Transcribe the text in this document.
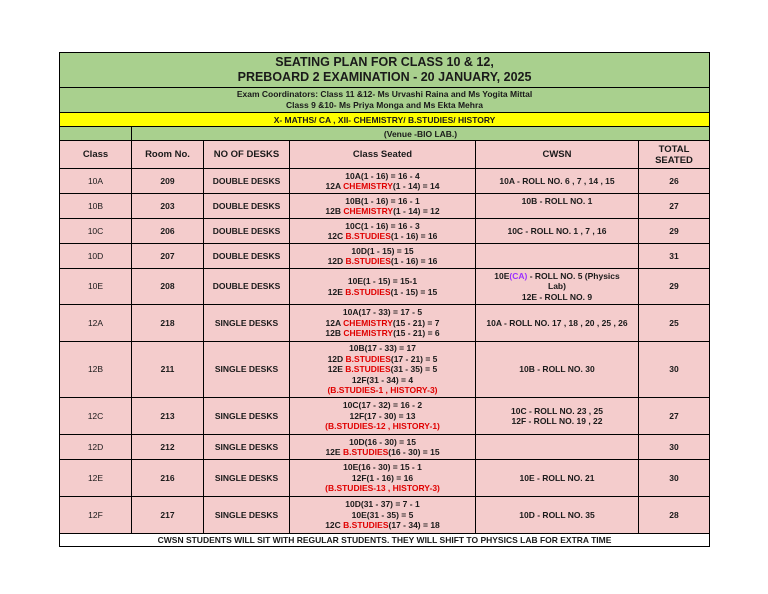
SEATING PLAN FOR CLASS 10 & 12,
PREBOARD 2 EXAMINATION - 20 JANUARY, 2025					

Exam Coordinators: Class 11 &12- Ms Urvashi Raina and Ms Yogita Mittal
Class 9 &10- Ms Priya Monga and Ms Ekta Mehra					

X- MATHS/ CA , XII- CHEMISTRY/ B.STUDIES/ HISTORY					
	(Venue -BIO LAB.)				
Class	Room No.	NO OF DESKS	Class Seated	CWSN	TOTAL
SEATED

10A	209	DOUBLE DESKS	10A(1 - 16) = 16 - 4
12A CHEMISTRY(1 - 14) = 14	10A - ROLL NO. 6 , 7 , 14 , 15	26
10B	203	DOUBLE DESKS	10B(1 - 16) = 16 - 1
12B CHEMISTRY(1 - 14) = 12	10B - ROLL NO. 1	27
10C	206	DOUBLE DESKS	10C(1 - 16) = 16 - 3
12C B.STUDIES(1 - 16) = 16	10C - ROLL NO. 1 , 7 , 16	29
10D	207	DOUBLE DESKS	10D(1 - 15) = 15
12D B.STUDIES(1 - 16) = 16		31
10E	208	DOUBLE DESKS	10E(1 - 15) = 15-1
12E B.STUDIES(1 - 15) = 15	10E(CA) - ROLL NO. 5 (Physics
Lab)
12E - ROLL NO. 9	29
12A	218	SINGLE DESKS	10A(17 - 33) = 17 - 5
12A CHEMISTRY(15 - 21) = 7
12B CHEMISTRY(15 - 21) = 6	10A - ROLL NO. 17 , 18 , 20 , 25 , 26	25
12B	211	SINGLE DESKS	10B(17 - 33) = 17
12D B.STUDIES(17 - 21) = 5
12E B.STUDIES(31 - 35) = 5
12F(31 - 34) = 4
(B.STUDIES-1 , HISTORY-3)	10B - ROLL NO. 30	30
12C	213	SINGLE DESKS	10C(17 - 32) = 16 - 2
12F(17 - 30) = 13
(B.STUDIES-12 , HISTORY-1)	10C - ROLL NO. 23 , 25
12F - ROLL NO. 19 , 22	27
12D	212	SINGLE DESKS	10D(16 - 30) = 15
12E B.STUDIES(16 - 30) = 15		30
12E	216	SINGLE DESKS	10E(16 - 30) = 15 - 1
12F(1 - 16) = 16
(B.STUDIES-13 , HISTORY-3)	10E - ROLL NO. 21	30
12F	217	SINGLE DESKS	10D(31 - 37) = 7 - 1
10E(31 - 35) = 5
12C B.STUDIES(17 - 34) = 18	10D - ROLL NO. 35	28
CWSN STUDENTS WILL SIT WITH REGULAR STUDENTS. THEY WILL SHIFT TO PHYSICS LAB FOR EXTRA TIME					
